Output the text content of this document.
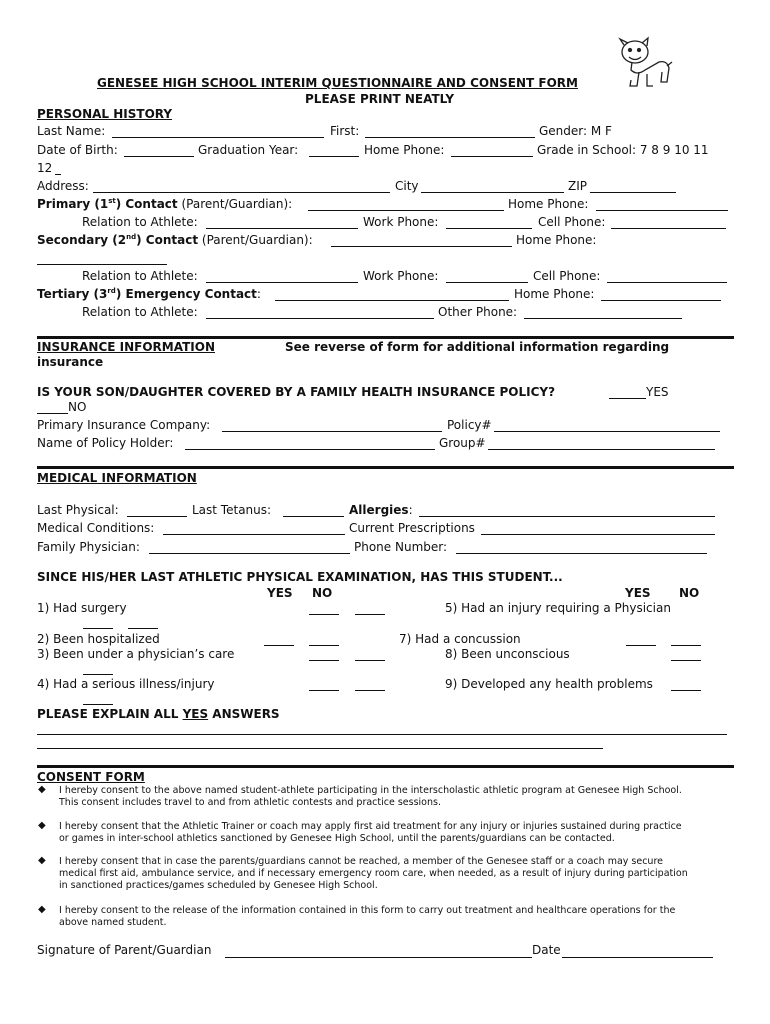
GENESEE HIGH SCHOOL INTERIM QUESTIONNAIRE AND CONSENT FORM
PLEASE PRINT NEATLY
PERSONAL HISTORY
Last Name:	First:	Gender: M F
Date of Birth:	Graduation Year:	Home Phone:	Grade in School: 7 8 9 10 11
12
Address:	City	ZIP
Primary (1st) Contact (Parent/Guardian):	Home Phone:
Relation to Athlete:	Work Phone:	Cell Phone:
Secondary (2nd) Contact (Parent/Guardian):	Home Phone:
Relation to Athlete:	Work Phone:	Cell Phone:
Tertiary (3rd) Emergency Contact:	Home Phone:
Relation to Athlete:	Other Phone:
INSURANCE INFORMATION	See reverse of form for additional information regarding
insurance
IS YOUR SON/DAUGHTER COVERED BY A FAMILY HEALTH INSURANCE POLICY?	YES
NO
Primary Insurance Company:	Policy#
Name of Policy Holder:	Group#
MEDICAL INFORMATION
Last Physical:	Last Tetanus:	Allergies:
Medical Conditions:	Current Prescriptions
Family Physician:	Phone Number:
SINCE HIS/HER LAST ATHLETIC PHYSICAL EXAMINATION, HAS THIS STUDENT...
YES NO	YES NO
1) Had surgery	5) Had an injury requiring a Physician
2) Been hospitalized	7) Had a concussion
3) Been under a physician’s care	8) Been unconscious
4) Had a serious illness/injury	9) Developed any health problems
PLEASE EXPLAIN ALL YES ANSWERS
CONSENT FORM
◆ I hereby consent to the above named student-athlete participating in the interscholastic athletic program at Genesee High School.
This consent includes travel to and from athletic contests and practice sessions.
◆ I hereby consent that the Athletic Trainer or coach may apply first aid treatment for any injury or injuries sustained during practice
or games in inter-school athletics sanctioned by Genesee High School, until the parents/guardians can be contacted.
◆ I hereby consent that in case the parents/guardians cannot be reached, a member of the Genesee staff or a coach may secure
medical first aid, ambulance service, and if necessary emergency room care, when needed, as a result of injury during participation
in sanctioned practices/games scheduled by Genesee High School.
◆ I hereby consent to the release of the information contained in this form to carry out treatment and healthcare operations for the
above named student.
Signature of Parent/Guardian	Date
